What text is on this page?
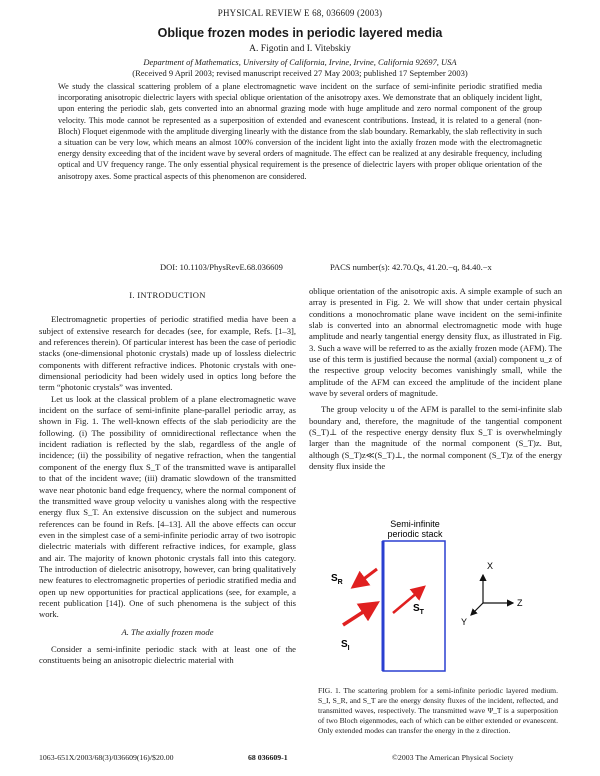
PHYSICAL REVIEW E 68, 036609 (2003)
Oblique frozen modes in periodic layered media
A. Figotin and I. Vitebskiy
Department of Mathematics, University of California, Irvine, Irvine, California 92697, USA
(Received 9 April 2003; revised manuscript received 27 May 2003; published 17 September 2003)
We study the classical scattering problem of a plane electromagnetic wave incident on the surface of semi-infinite periodic stratified media incorporating anisotropic dielectric layers with special oblique orientation of the anisotropy axes. We demonstrate that an obliquely incident light, upon entering the periodic slab, gets converted into an abnormal grazing mode with huge amplitude and zero normal component of the group velocity. This mode cannot be represented as a superposition of extended and evanescent contributions. Instead, it is related to a general (non-Bloch) Floquet eigenmode with the amplitude diverging linearly with the distance from the slab boundary. Remarkably, the slab reflectivity in such a situation can be very low, which means an almost 100% conversion of the incident light into the axially frozen mode with the electromagnetic energy density exceeding that of the incident wave by several orders of magnitude. The effect can be realized at any desirable frequency, including optical and UV frequency range. The only essential physical requirement is the presence of dielectric layers with proper oblique orientation of the anisotropy axes. Some practical aspects of this phenomenon are considered.
DOI: 10.1103/PhysRevE.68.036609	PACS number(s): 42.70.Qs, 41.20.−q, 84.40.−x
I. INTRODUCTION

Electromagnetic properties of periodic stratified media have been a subject of extensive research for decades (see, for example, Refs. [1–3], and references therein). Of particular interest has been the case of periodic stacks (one-dimensional photonic crystals) made up of lossless dielectric components with different refractive indices. Photonic crystals with one-dimensional periodicity had been widely used in optics long before the term “photonic crystals” was invented.

Let us look at the classical problem of a plane electromagnetic wave incident on the surface of semi-infinite plane-parallel periodic array, as shown in Fig. 1. The well-known effects of the slab periodicity are the following. (i) The possibility of omnidirectional reflectance when the incident radiation is reflected by the slab, regardless of the angle of incidence; (ii) the possibility of negative refraction, when the tangential component of the energy flux S_T of the transmitted wave is antiparallel to that of the incident wave; (iii) dramatic slowdown of the transmitted wave near photonic band edge frequency, where the normal component of the transmitted wave group velocity u vanishes along with the respective energy flux S_T. An extensive discussion on the subject and numerous references can be found in Refs. [4–13]. All the above effects can occur even in the simplest case of a semi-infinite periodic array of two isotropic dielectric materials with different refractive indices, for example, glass and air. The majority of known photonic crystals fall into this category. The introduction of dielectric anisotropy, however, can bring qualitatively new features to electromagnetic properties of periodic stratified media and open up new opportunities for practical applications (see, for example, a recent publication [14]). One of such phenomena is the subject of this work.

A. The axially frozen mode

Consider a semi-infinite periodic stack with at least one of the constituents being an anisotropic dielectric material with

oblique orientation of the anisotropic axis. A simple example of such an array is presented in Fig. 2. We will show that under certain physical conditions a monochromatic plane wave incident on the semi-infinite slab is converted into an abnormal electromagnetic mode with huge amplitude and nearly tangential energy density flux, as illustrated in Fig. 3. Such a wave will be referred to as the axially frozen mode (AFM). The use of this term is justified because the normal (axial) component u_z of the respective group velocity becomes vanishingly small, while the amplitude of the AFM can exceed the amplitude of the incident plane wave by several orders of magnitude.

The group velocity u of the AFM is parallel to the semi-infinite slab boundary and, therefore, the magnitude of the tangential component (S_T)⊥ of the respective energy density flux S_T is overwhelmingly larger than the magnitude of the normal component (S_T)z. But, although (S_T)z≪(S_T)⊥, the normal component (S_T)z of the energy density flux inside the

Semi-infinite
periodic stack
$S_R$
$S_I$
$S_T$
X
Z
Y
FIG. 1. The scattering problem for a semi-infinite periodic layered medium. S_I, S_R, and S_T are the energy density fluxes of the incident, reflected, and transmitted waves, respectively. The transmitted wave Ψ_T is a superposition of two Bloch eigenmodes, each of which can be either extended or evanescent. Only extended modes can transfer the energy in the z direction.
1063-651X/2003/68(3)/036609(16)/$20.00	68 036609-1	©2003 The American Physical Society
